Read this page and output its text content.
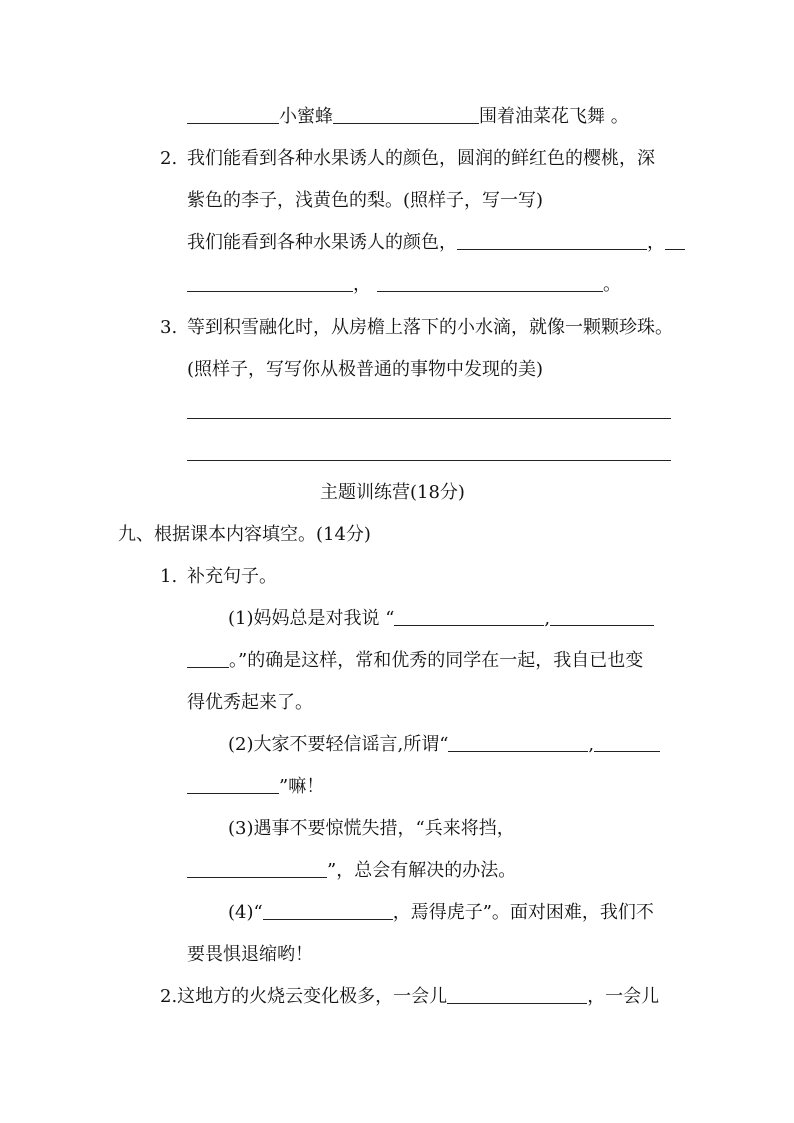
小蜜蜂	围着油菜花飞舞 。
2. 我们能看到各种水果诱人的颜色，圆润的鲜红色的樱桃，深
紫色的李子，浅黄色的梨。(照样子，写一写)
我们能看到各种水果诱人的颜色，	，
，	。
3. 等到积雪融化时，从房檐上落下的小水滴，就像一颗颗珍珠。
(照样子，写写你从极普通的事物中发现的美)
主题训练营(18分)
九、根据课本内容填空。(14分)
1. 补充句子。
(1)妈妈总是对我说 “	,
。”的确是这样，常和优秀的同学在一起，我自已也变
得优秀起来了。
(2)大家不要轻信谣言,所谓“	,
”嘛！
(3)遇事不要惊慌失措，“兵来将挡，
”，总会有解决的办法。
(4)“	，焉得虎子”。面对困难，我们不
要畏惧退缩哟！
2.这地方的火烧云变化极多，一会儿	，一会儿
